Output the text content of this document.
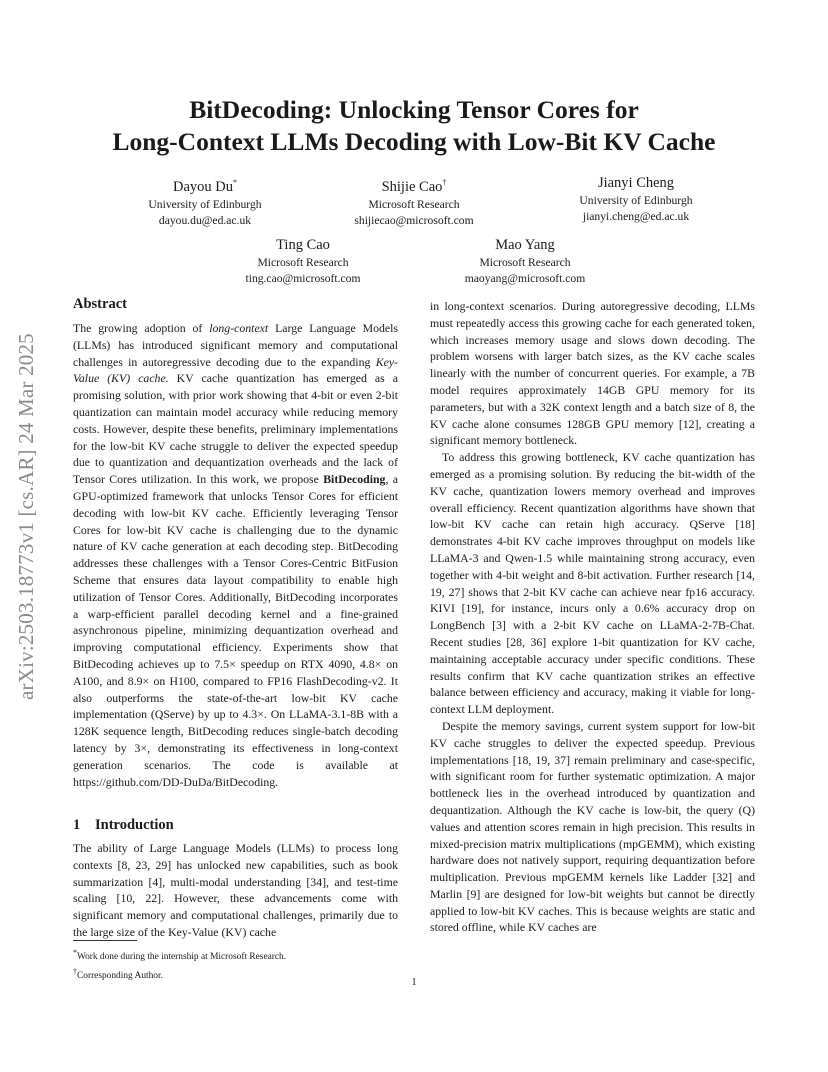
arXiv:2503.18773v1 [cs.AR] 24 Mar 2025
BitDecoding: Unlocking Tensor Cores for
Long-Context LLMs Decoding with Low-Bit KV Cache
Dayou Du*
University of Edinburgh
dayou.du@ed.ac.uk
Shijie Cao†
Microsoft Research
shijiecao@microsoft.com
Jianyi Cheng
University of Edinburgh
jianyi.cheng@ed.ac.uk
Ting Cao
Microsoft Research
ting.cao@microsoft.com
Mao Yang
Microsoft Research
maoyang@microsoft.com
Abstract

The growing adoption of long-context Large Language Models (LLMs) has introduced significant memory and computational challenges in autoregressive decoding due to the expanding Key-Value (KV) cache. KV cache quantization has emerged as a promising solution, with prior work showing that 4-bit or even 2-bit quantization can maintain model accuracy while reducing memory costs. However, despite these benefits, preliminary implementations for the low-bit KV cache struggle to deliver the expected speedup due to quantization and dequantization overheads and the lack of Tensor Cores utilization. In this work, we propose BitDecoding, a GPU-optimized framework that unlocks Tensor Cores for efficient decoding with low-bit KV cache. Efficiently leveraging Tensor Cores for low-bit KV cache is challenging due to the dynamic nature of KV cache generation at each decoding step. BitDecoding addresses these challenges with a Tensor Cores-Centric BitFusion Scheme that ensures data layout compatibility to enable high utilization of Tensor Cores. Additionally, BitDecoding incorporates a warp-efficient parallel decoding kernel and a fine-grained asynchronous pipeline, minimizing dequantization overhead and improving computational efficiency. Experiments show that BitDecoding achieves up to 7.5× speedup on RTX 4090, 4.8× on A100, and 8.9× on H100, compared to FP16 FlashDecoding-v2. It also outperforms the state-of-the-art low-bit KV cache implementation (QServe) by up to 4.3×. On LLaMA-3.1-8B with a 128K sequence length, BitDecoding reduces single-batch decoding latency by 3×, demonstrating its effectiveness in long-context generation scenarios. The code is available at https://github.com/DD-DuDa/BitDecoding.

1 Introduction

The ability of Large Language Models (LLMs) to process long contexts [8, 23, 29] has unlocked new capabilities, such as book summarization [4], multi-modal understanding [34], and test-time scaling [10, 22]. However, these advancements come with significant memory and computational challenges, primarily due to the large size of the Key-Value (KV) cache

*Work done during the internship at Microsoft Research.
†Corresponding Author.

in long-context scenarios. During autoregressive decoding, LLMs must repeatedly access this growing cache for each generated token, which increases memory usage and slows down decoding. The problem worsens with larger batch sizes, as the KV cache scales linearly with the number of concurrent queries. For example, a 7B model requires approximately 14GB GPU memory for its parameters, but with a 32K context length and a batch size of 8, the KV cache alone consumes 128GB GPU memory [12], creating a significant memory bottleneck.

To address this growing bottleneck, KV cache quantization has emerged as a promising solution. By reducing the bit-width of the KV cache, quantization lowers memory overhead and improves overall efficiency. Recent quantization algorithms have shown that low-bit KV cache can retain high accuracy. QServe [18] demonstrates 4-bit KV cache improves throughput on models like LLaMA-3 and Qwen-1.5 while maintaining strong accuracy, even together with 4-bit weight and 8-bit activation. Further research [14, 19, 27] shows that 2-bit KV cache can achieve near fp16 accuracy. KIVI [19], for instance, incurs only a 0.6% accuracy drop on LongBench [3] with a 2-bit KV cache on LLaMA-2-7B-Chat. Recent studies [28, 36] explore 1-bit quantization for KV cache, maintaining acceptable accuracy under specific conditions. These results confirm that KV cache quantization strikes an effective balance between efficiency and accuracy, making it viable for long-context LLM deployment.

Despite the memory savings, current system support for low-bit KV cache struggles to deliver the expected speedup. Previous implementations [18, 19, 37] remain preliminary and case-specific, with significant room for further systematic optimization. A major bottleneck lies in the overhead introduced by quantization and dequantization. Although the KV cache is low-bit, the query (Q) values and attention scores remain in high precision. This results in mixed-precision matrix multiplications (mpGEMM), which existing hardware does not natively support, requiring dequantization before multiplication. Previous mpGEMM kernels like Ladder [32] and Marlin [9] are designed for low-bit weights but cannot be directly applied to low-bit KV caches. This is because weights are static and stored offline, while KV caches are

1
